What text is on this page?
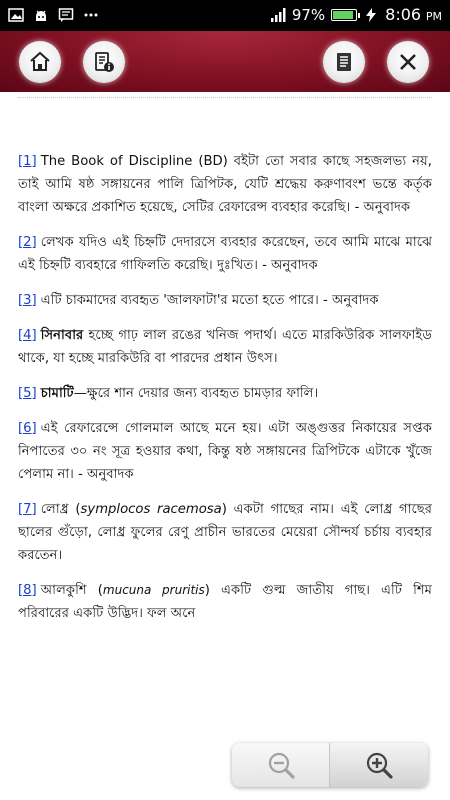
97%	8:06 PM

[1] The Book of Discipline (BD) বইটা তো সবার কাছে সহজলভ্য নয়, তাই আমি ষষ্ঠ সঙ্গায়নের পালি ত্রিপিটক, যেটি শ্রদ্ধেয় করুণাবংশ ভন্তে কর্তৃক বাংলা অক্ষরে প্রকাশিত হয়েছে, সেটির রেফারেন্স ব্যবহার করেছি। - অনুবাদক

[2] লেখক যদিও এই চিহ্নটি দেদারসে ব্যবহার করেছেন, তবে আমি মাঝে মাঝে এই চিহ্নটি ব্যবহারে গাফিলতি করেছি। দুঃখিত। - অনুবাদক

[3] এটি চাকমাদের ব্যবহৃত 'জালফাটা'র মতো হতে পারে। - অনুবাদক

[4] সিনাবার হচ্ছে গাঢ় লাল রঙের খনিজ পদার্থ। এতে মারকিউরিক সালফাইড থাকে, যা হচ্ছে মারকিউরি বা পারদের প্রধান উৎস।

[5] চামাটি—ক্ষুরে শান দেয়ার জন্য ব্যবহৃত চামড়ার ফালি।

[6] এই রেফারেন্সে গোলমাল আছে মনে হয়। এটা অঙ্গুত্তর নিকায়ের সপ্তক নিপাতের ৩০ নং সূত্র হওয়ার কথা, কিন্তু ষষ্ঠ সঙ্গায়নের ত্রিপিটকে এটাকে খুঁজে পেলাম না। - অনুবাদক

[7] লোধ্র (symplocos racemosa) একটা গাছের নাম। এই লোধ্র গাছের ছালের গুঁড়ো, লোধ্র ফুলের রেণু প্রাচীন ভারতের মেয়েরা সৌন্দর্য চর্চায় ব্যবহার করতেন।

[8] আলকুশি (mucuna pruritis) একটি গুল্ম জাতীয় গাছ। এটি শিম পরিবারের একটি উদ্ভিদ। ফল অনে
